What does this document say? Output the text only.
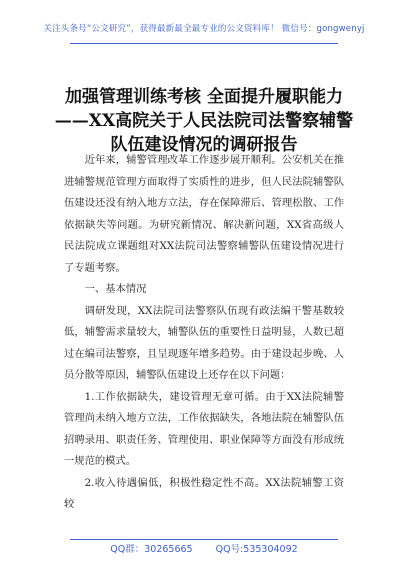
关注头条号“公文研究”，获得最新最全最专业的公文资料库！ 微信号：gongwenyj
加强管理训练考核 全面提升履职能力
——XX高院关于人民法院司法警察辅警
队伍建设情况的调研报告

近年来，辅警管理改革工作逐步展开顺利。公安机关在推进辅警规范管理方面取得了实质性的进步，但人民法院辅警队伍建设还没有纳入地方立法，存在保障滞后、管理松散、工作依据缺失等问题。为研究新情况、解决新问题，XX省高级人民法院成立课题组对XX法院司法警察辅警队伍建设情况进行了专题考察。

一、基本情况

调研发现，XX法院司法警察队伍现有政法编干警基数较低，辅警需求量较大，辅警队伍的重要性日益明显，人数已超过在编司法警察，且呈现逐年增多趋势。由于建设起步晚、人员分散等原因，辅警队伍建设上还存在以下问题：

1.工作依据缺失，建设管理无章可循。由于XX法院辅警管理尚未纳入地方立法，工作依据缺失，各地法院在辅警队伍招聘录用、职责任务、管理使用、职业保障等方面没有形成统一规范的模式。

2.收入待遇偏低，积极性稳定性不高。XX法院辅警工资较

QQ群：30265665 QQ号:535304092
